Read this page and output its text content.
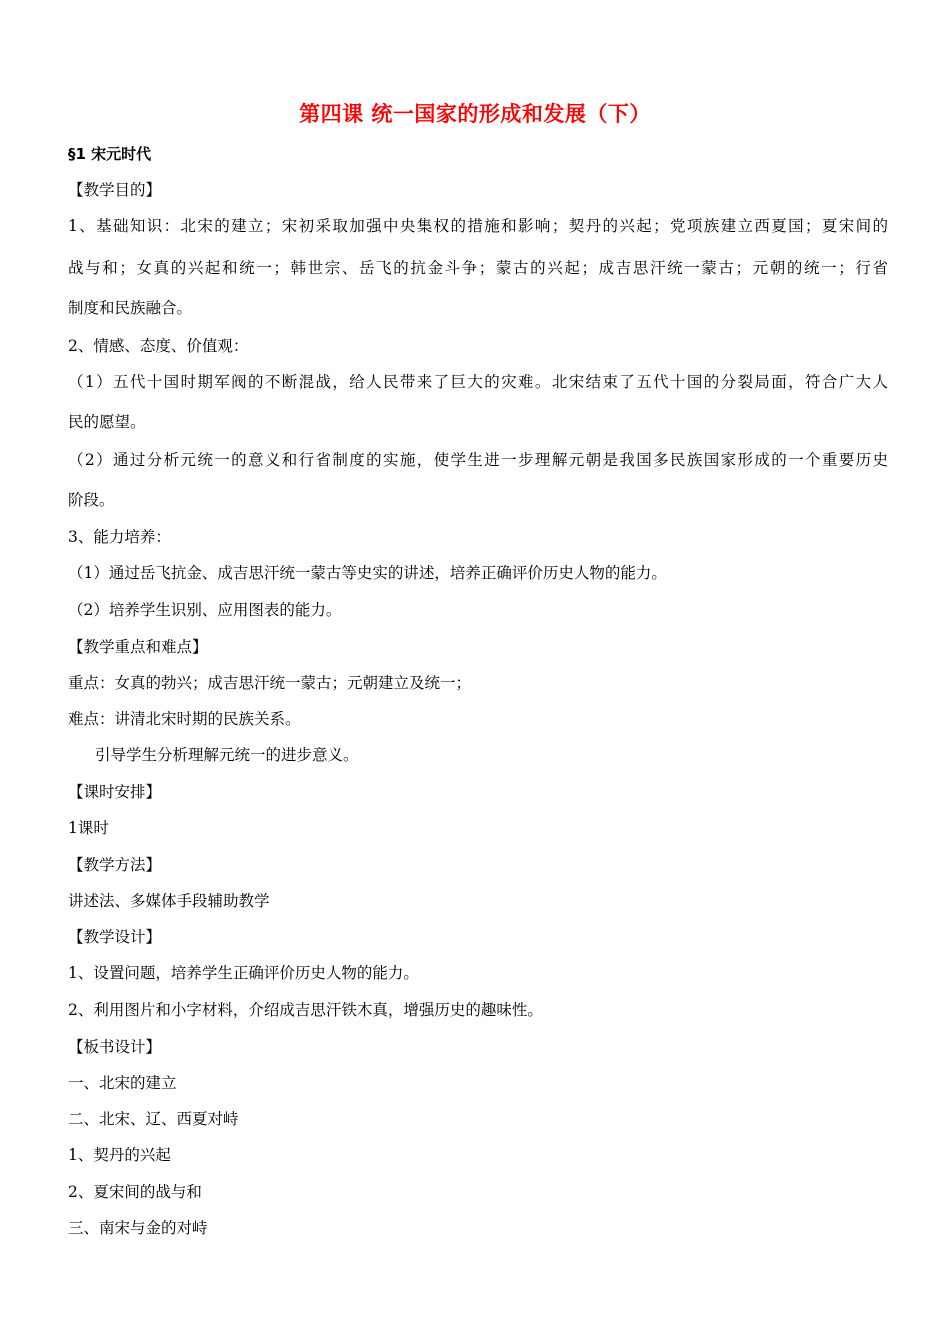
第四课 统一国家的形成和发展（下）
§1 宋元时代
【教学目的】
1、基础知识：北宋的建立；宋初采取加强中央集权的措施和影响；契丹的兴起；党项族建立西夏国；夏宋间的
战与和；女真的兴起和统一；韩世宗、岳飞的抗金斗争；蒙古的兴起；成吉思汗统一蒙古；元朝的统一；行省
制度和民族融合。
2、情感、态度、价值观：
（1）五代十国时期军阀的不断混战，给人民带来了巨大的灾难。北宋结束了五代十国的分裂局面，符合广大人
民的愿望。
（2）通过分析元统一的意义和行省制度的实施，使学生进一步理解元朝是我国多民族国家形成的一个重要历史
阶段。
3、能力培养：
（1）通过岳飞抗金、成吉思汗统一蒙古等史实的讲述，培养正确评价历史人物的能力。
（2）培养学生识别、应用图表的能力。
【教学重点和难点】
重点：女真的勃兴；成吉思汗统一蒙古；元朝建立及统一；
难点：讲清北宋时期的民族关系。
引导学生分析理解元统一的进步意义。
【课时安排】
1课时
【教学方法】
讲述法、多媒体手段辅助教学
【教学设计】
1、设置问题，培养学生正确评价历史人物的能力。
2、利用图片和小字材料，介绍成吉思汗铁木真，增强历史的趣味性。
【板书设计】
一、北宋的建立
二、北宋、辽、西夏对峙
1、契丹的兴起
2、夏宋间的战与和
三、南宋与金的对峙
